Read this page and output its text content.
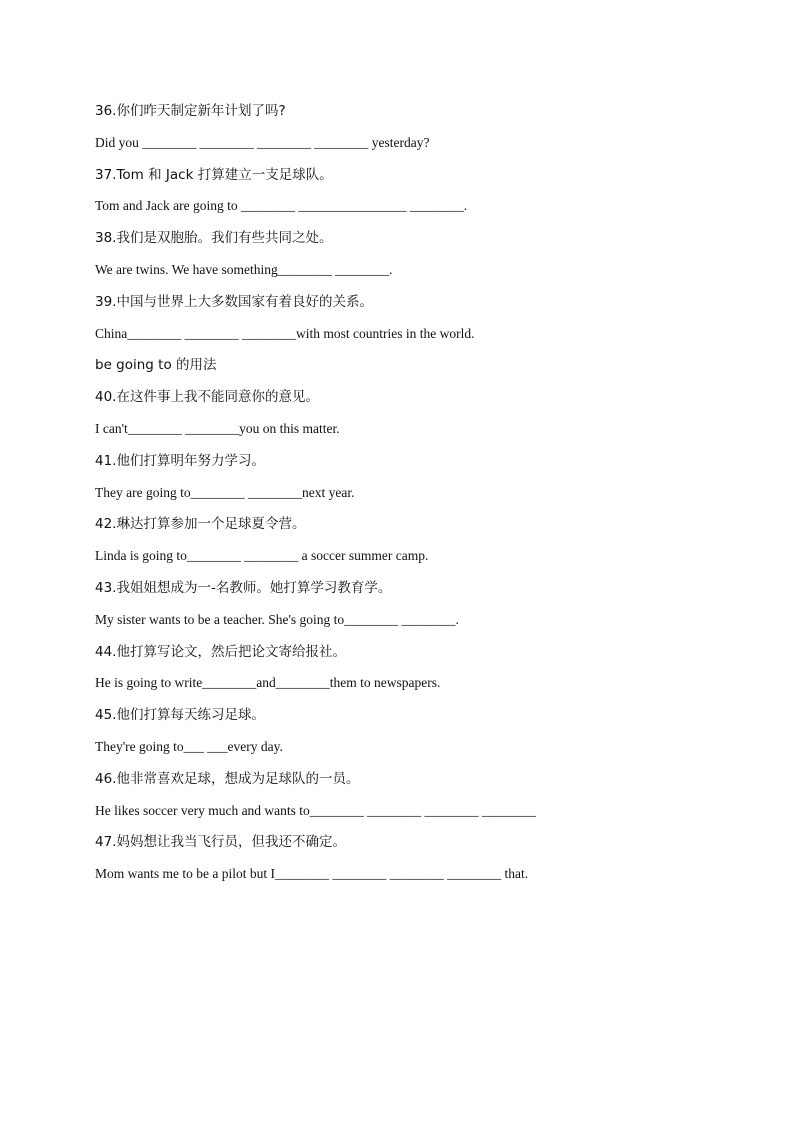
36.你们昨天制定新年计划了吗?
Did you ________ ________ ________ ________ yesterday?
37.Tom 和 Jack 打算建立一支足球队。
Tom and Jack are going to ________ ________________ ________.
38.我们是双胞胎。我们有些共同之处。
We are twins. We have something________ ________.
39.中国与世界上大多数国家有着良好的关系。
China________ ________ ________with most countries in the world.
be going to 的用法
40.在这件事上我不能同意你的意见。
I can't________ ________you on this matter.
41.他们打算明年努力学习。
They are going to________ ________next year.
42.琳达打算参加一个足球夏令营。
Linda is going to________ ________ a soccer summer camp.
43.我姐姐想成为一-名教师。她打算学习教育学。
My sister wants to be a teacher. She's going to________ ________.
44.他打算写论文，然后把论文寄给报社。
He is going to write________and________them to newspapers.
45.他们打算每天练习足球。
They're going to___ ___every day.
46.他非常喜欢足球，想成为足球队的一员。
He likes soccer very much and wants to________ ________ ________ ________
47.妈妈想让我当飞行员，但我还不确定。
Mom wants me to be a pilot but I________ ________ ________ ________ that.
